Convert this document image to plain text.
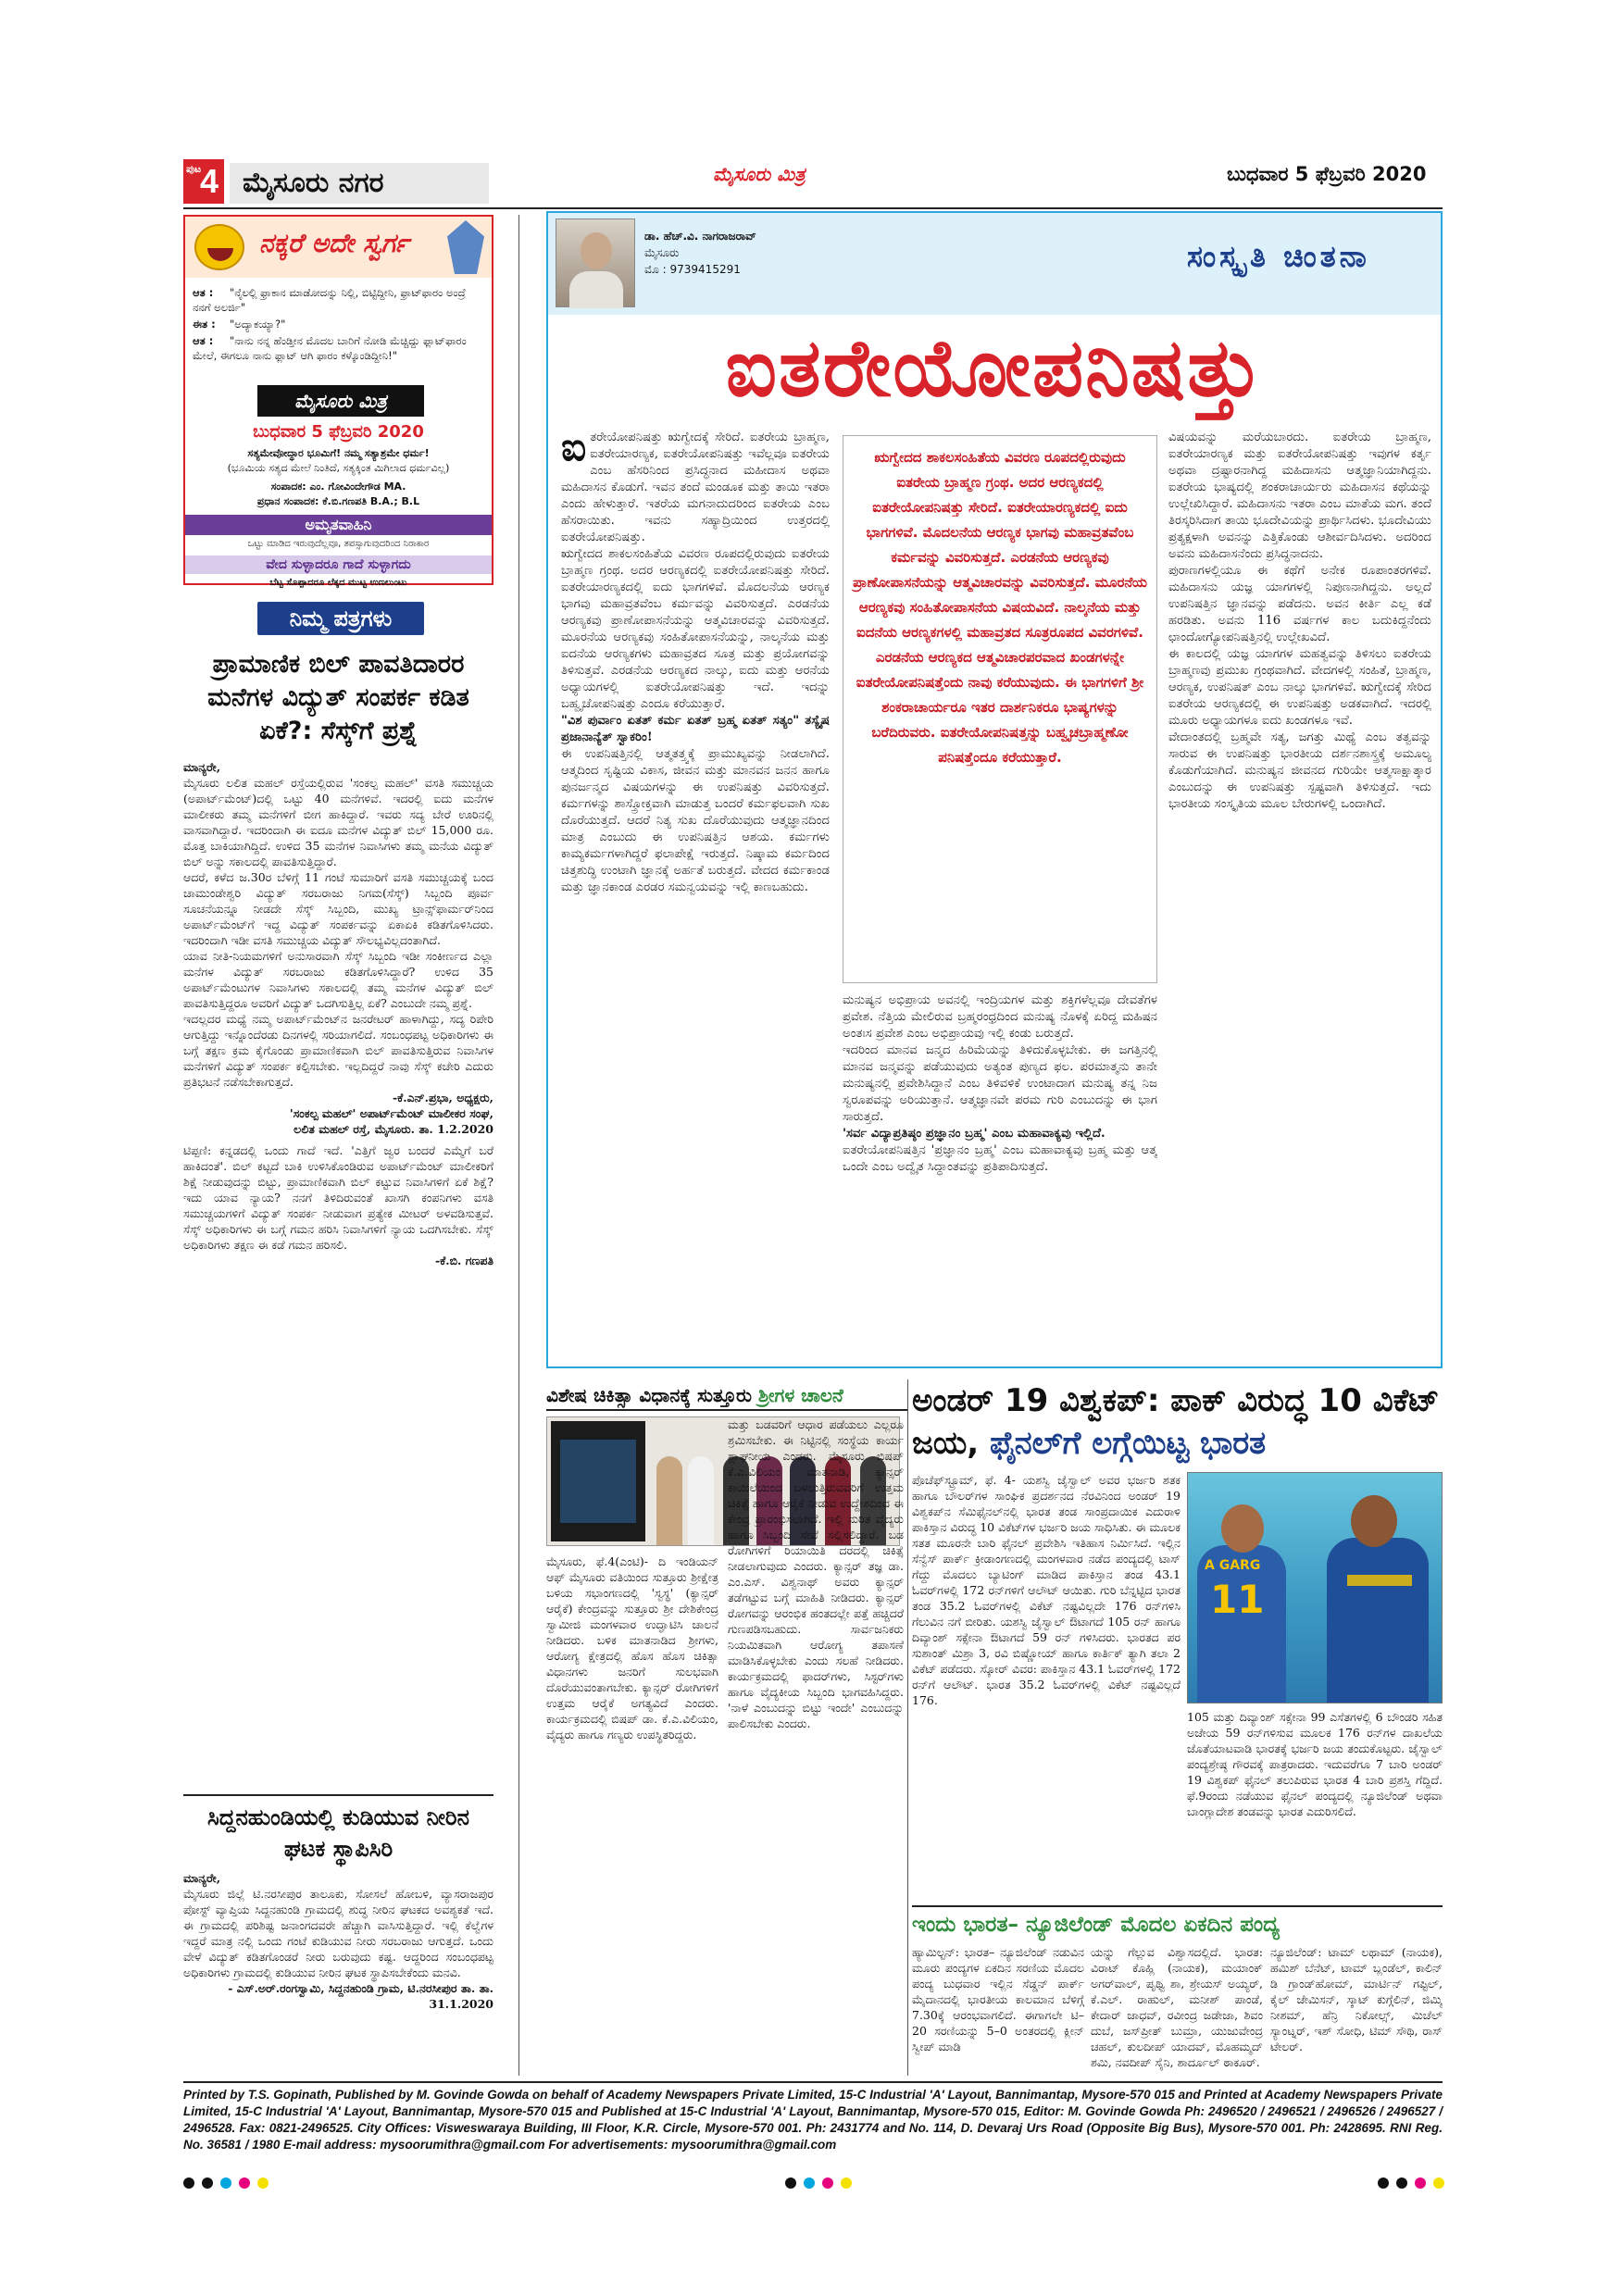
ಪುಟ
4 ಮೈಸೂರು ನಗರ	ಮೈಸೂರು ಮಿತ್ರ	ಬುಧವಾರ 5 ಫೆಬ್ರವರಿ 2020
ನಕ್ಕರೆ ಅದೇ ಸ್ವರ್ಗ
ಆತ : "ನೈಲಲ್ಲಿ ಫ್ರಾಕಾನ ಮಾಡೋದನ್ನು ನಿಲ್ಲಿ, ಬಿಟ್ಟಿದ್ದೀನಿ, ಫ್ರಾಟ್‌ಫಾರಂ ಅಂದ್ರೆ ನನಗೆ ಅಲರ್ಜಿ"
ಈತ : "ಅದ್ಯಾಕಯ್ಯಾ?"
ಆತ : "ನಾನು ನನ್ನ ಹೆಂಡ್ತೀನ ಮೊದಲ ಬಾರಿಗೆ ನೋಡಿ ಮೆಚ್ಚಿದ್ದು ಫ್ಲಾಟ್‌ಫಾರಂ ಮೇಲೆ, ಈಗಲೂ ನಾನು ಫ್ಲಾಟ್ ಆಗಿ ಫಾರಂ ಕಳ್ಕೊಂಡಿದ್ದೀನಿ!"
ಮೈಸೂರು ಮಿತ್ರ
ಬುಧವಾರ 5 ಫೆಬ್ರವರಿ 2020
ಸತ್ಯಮೇವೋದ್ಧಾರ ಭೂಮಿಗೆ! ನಮ್ಮ ಸತ್ಯಾಶ್ರಮೇ ಧರ್ಮ!
(ಭೂಮಿಯ ಸತ್ಯದ ಮೇಲೆ ನಿಂತಿದೆ, ಸತ್ಯಕ್ಕಿಂತ ಮಿಗಿಲಾದ ಧರ್ಮವಿಲ್ಲ)
ಸಂಪಾದಕ: ಎಂ. ಗೋವಿಂದೇಗೌಡ MA.
ಪ್ರಧಾನ ಸಂಪಾದಕ: ಕೆ.ಬಿ.ಗಣಪತಿ B.A.; B.L
ಅಮೃತವಾಹಿನಿ
ಒಟ್ಟು ಮಾಡಿದ ಇರುವುದೆಲ್ಲವೂ, ತಪಸ್ಸಾಗುವುದರಿಂದ ನಿರಾಕಾರ
ವೇದ ಸುಳ್ಳಾದರೂ ಗಾದೆ ಸುಳ್ಳಾಗದು
ಬೆಟ್ಟ ಸೊಪ್ಪಾದರೂ ಲೆಕ್ಕದ ಮುಟ್ಟ ಉಣಲುಂಟು
ನಿಮ್ಮ ಪತ್ರಗಳು
ಪ್ರಾಮಾಣಿಕ ಬಿಲ್ ಪಾವತಿದಾರರ ಮನೆಗಳ ವಿದ್ಯುತ್ ಸಂಪರ್ಕ ಕಡಿತ ಏಕೆ?: ಸೆಸ್ಕ್‌ಗೆ ಪ್ರಶ್ನೆ

ಮಾನ್ಯರೇ,

ಮೈಸೂರು ಲಲಿತ ಮಹಲ್ ರಸ್ತೆಯಲ್ಲಿರುವ 'ಸಂಕಲ್ಪ ಮಹಲ್' ವಸತಿ ಸಮುಚ್ಚಯ (ಅಪಾರ್ಟ್‌ಮೆಂಟ್)ದಲ್ಲಿ ಒಟ್ಟು 40 ಮನೆಗಳಿವೆ. ಇದರಲ್ಲಿ ಐದು ಮನೆಗಳ ಮಾಲೀಕರು ತಮ್ಮ ಮನೆಗಳಿಗೆ ಬೀಗ ಹಾಕಿದ್ದಾರೆ. ಇವರು ಸದ್ಯ ಬೇರೆ ಊರಿನಲ್ಲಿ ವಾಸವಾಗಿದ್ದಾರೆ. ಇದರಿಂದಾಗಿ ಈ ಐದೂ ಮನೆಗಳ ವಿದ್ಯುತ್ ಬಿಲ್ 15,000 ರೂ. ಮೊತ್ತ ಬಾಕಿಯಾಗಿದ್ದಿದೆ. ಉಳಿದ 35 ಮನೆಗಳ ನಿವಾಸಿಗಳು ತಮ್ಮ ಮನೆಯ ವಿದ್ಯುತ್ ಬಿಲ್ ಅನ್ನು ಸಕಾಲದಲ್ಲಿ ಪಾವತಿಸುತ್ತಿದ್ದಾರೆ.

ಆದರೆ, ಕಳೆದ ಜ.30ರ ಬೆಳಿಗ್ಗೆ 11 ಗಂಟೆ ಸುಮಾರಿಗೆ ವಸತಿ ಸಮುಚ್ಚಯಕ್ಕೆ ಬಂದ ಚಾಮುಂಡೇಶ್ವರಿ ವಿದ್ಯುತ್ ಸರಬರಾಜು ನಿಗಮ(ಸೆಸ್ಕ್) ಸಿಬ್ಬಂದಿ ಪೂರ್ವ ಸೂಚನೆಯನ್ನೂ ನೀಡದೇ ಸೆಸ್ಕ್ ಸಿಬ್ಬಂದಿ, ಮುಖ್ಯ ಟ್ರಾನ್ಸ್‌ಫಾರ್ಮರ್‌ನಿಂದ ಅಪಾರ್ಟ್‌ಮೆಂಟ್‌ಗೆ ಇದ್ದ ವಿದ್ಯುತ್ ಸಂಪರ್ಕವನ್ನು ಏಕಾಏಕಿ ಕಡಿತಗೊಳಿಸಿದರು. ಇದರಿಂದಾಗಿ ಇಡೀ ವಸತಿ ಸಮುಚ್ಚಯ ವಿದ್ಯುತ್ ಸೌಲಭ್ಯವಿಲ್ಲದಂತಾಗಿದೆ.

ಯಾವ ನೀತಿ-ನಿಯಮಗಳಿಗೆ ಅನುಸಾರವಾಗಿ ಸೆಸ್ಕ್ ಸಿಬ್ಬಂದಿ ಇಡೀ ಸಂಕೀರ್ಣದ ಎಲ್ಲಾ ಮನೆಗಳ ವಿದ್ಯುತ್ ಸರಬರಾಜು ಕಡಿತಗೊಳಿಸಿದ್ದಾರೆ? ಉಳಿದ 35 ಅಪಾರ್ಟ್‌ಮೆಂಟುಗಳ ನಿವಾಸಿಗಳು ಸಕಾಲದಲ್ಲಿ ತಮ್ಮ ಮನೆಗಳ ವಿದ್ಯುತ್ ಬಿಲ್ ಪಾವತಿಸುತ್ತಿದ್ದರೂ ಅವರಿಗೆ ವಿದ್ಯುತ್ ಒದಗಿಸುತ್ತಿಲ್ಲ ಏಕೆ? ಎಂಬುದೇ ನಮ್ಮ ಪ್ರಶ್ನೆ.

ಇದಲ್ಲದರ ಮಧ್ಯೆ ನಮ್ಮ ಅಪಾರ್ಟ್‌ಮೆಂಟ್‌ನ ಜನರೇಟರ್ ಹಾಳಾಗಿದ್ದು, ಸದ್ಯ ರಿಪೇರಿ ಆಗುತ್ತಿದ್ದು ಇನ್ನೊಂದೆರಡು ದಿನಗಳಲ್ಲಿ ಸರಿಯಾಗಲಿದೆ. ಸಂಬಂಧಪಟ್ಟ ಅಧಿಕಾರಿಗಳು ಈ ಬಗ್ಗೆ ತಕ್ಷಣ ಕ್ರಮ ಕೈಗೊಂಡು ಪ್ರಾಮಾಣಿಕವಾಗಿ ಬಿಲ್ ಪಾವತಿಸುತ್ತಿರುವ ನಿವಾಸಿಗಳ ಮನೆಗಳಿಗೆ ವಿದ್ಯುತ್ ಸಂಪರ್ಕ ಕಲ್ಪಿಸಬೇಕು. ಇಲ್ಲದಿದ್ದರೆ ನಾವು ಸೆಸ್ಕ್ ಕಚೇರಿ ಎದುರು ಪ್ರತಿಭಟನೆ ನಡೆಸಬೇಕಾಗುತ್ತದೆ.

-ಕೆ.ಎನ್.ಪ್ರಭಾ, ಅಧ್ಯಕ್ಷರು,
'ಸಂಕಲ್ಪ ಮಹಲ್' ಅಪಾರ್ಟ್‌ಮೆಂಟ್ ಮಾಲೀಕರ ಸಂಘ,
ಲಲಿತ ಮಹಲ್ ರಸ್ತೆ, ಮೈಸೂರು. ತಾ. 1.2.2020

ಟಿಪ್ಪಣಿ: ಕನ್ನಡದಲ್ಲಿ ಒಂದು ಗಾದೆ ಇದೆ. 'ಎತ್ತಿಗೆ ಜ್ವರ ಬಂದರೆ ಎಮ್ಮೆಗೆ ಬರೆ ಹಾಕಿದಂತೆ'. ಬಿಲ್ ಕಟ್ಟದೆ ಬಾಕಿ ಉಳಿಸಿಕೊಂಡಿರುವ ಅಪಾರ್ಟ್‌ಮೆಂಟ್ ಮಾಲೀಕರಿಗೆ ಶಿಕ್ಷೆ ನೀಡುವುದನ್ನು ಬಿಟ್ಟು, ಪ್ರಾಮಾಣಿಕವಾಗಿ ಬಿಲ್ ಕಟ್ಟುವ ನಿವಾಸಿಗಳಿಗೆ ಏಕೆ ಶಿಕ್ಷೆ? ಇದು ಯಾವ ನ್ಯಾಯ? ನನಗೆ ತಿಳಿದಿರುವಂತೆ ಖಾಸಗಿ ಕಂಪನಿಗಳು ವಸತಿ ಸಮುಚ್ಚಯಗಳಿಗೆ ವಿದ್ಯುತ್ ಸಂಪರ್ಕ ನೀಡುವಾಗ ಪ್ರತ್ಯೇಕ ಮೀಟರ್ ಅಳವಡಿಸುತ್ತವೆ. ಸೆಸ್ಕ್ ಅಧಿಕಾರಿಗಳು ಈ ಬಗ್ಗೆ ಗಮನ ಹರಿಸಿ ನಿವಾಸಿಗಳಿಗೆ ನ್ಯಾಯ ಒದಗಿಸಬೇಕು. ಸೆಸ್ಕ್ ಅಧಿಕಾರಿಗಳು ತಕ್ಷಣ ಈ ಕಡೆ ಗಮನ ಹರಿಸಲಿ.

-ಕೆ.ಬಿ. ಗಣಪತಿ
ಸಿದ್ದನಹುಂಡಿಯಲ್ಲಿ ಕುಡಿಯುವ ನೀರಿನ ಘಟಕ ಸ್ಥಾಪಿಸಿರಿ

ಮಾನ್ಯರೇ,

ಮೈಸೂರು ಜಿಲ್ಲೆ ಟಿ.ನರಸೀಪುರ ತಾಲೂಕು, ಸೋಸಲೆ ಹೋಬಳಿ, ವ್ಯಾಸರಾಜಪುರ ಪೋಸ್ಟ್ ವ್ಯಾಪ್ತಿಯ ಸಿದ್ದನಹುಂಡಿ ಗ್ರಾಮದಲ್ಲಿ ಶುದ್ಧ ನೀರಿನ ಘಟಕದ ಅವಶ್ಯಕತೆ ಇದೆ. ಈ ಗ್ರಾಮದಲ್ಲಿ ಪರಿಶಿಷ್ಟ ಜನಾಂಗದವರೇ ಹೆಚ್ಚಾಗಿ ವಾಸಿಸುತ್ತಿದ್ದಾರೆ. ಇಲ್ಲಿ ಕೆಲ್ವೆಗಳ ಇದ್ದರೆ ಮಾತ್ರ ನಲ್ಲಿ ಒಂದು ಗಂಟೆ ಕುಡಿಯುವ ನೀರು ಸರಬರಾಜು ಆಗುತ್ತದೆ. ಒಂದು ವೇಳೆ ವಿದ್ಯುತ್ ಕಡಿತಗೊಂಡರೆ ನೀರು ಬರುವುದು ಕಷ್ಟ. ಆದ್ದರಿಂದ ಸಂಬಂಧಪಟ್ಟ ಅಧಿಕಾರಿಗಳು ಗ್ರಾಮದಲ್ಲಿ ಕುಡಿಯುವ ನೀರಿನ ಘಟಕ ಸ್ಥಾಪಿಸಬೇಕೆಂದು ಮನವಿ.

- ಎಸ್.ಅರ್.ರಂಗಸ್ವಾಮಿ, ಸಿದ್ದನಹುಂಡಿ ಗ್ರಾಮ, ಟಿ.ನರಸೀಪುರ ತಾ. ತಾ. 31.1.2020
ಡಾ. ಹೆಚ್.ವಿ. ನಾಗರಾಜರಾವ್
ಮೈಸೂರು
ಮೊ : 9739415291	ಸಂಸ್ಕೃತಿ ಚಿಂತನಾ
ಐತರೇಯೋಪನಿಷತ್ತು

ಐತರೇಯೋಪನಿಷತ್ತು ಋಗ್ವೇದಕ್ಕೆ ಸೇರಿದೆ. ಐತರೇಯ ಬ್ರಾಹ್ಮಣ, ಐತರೇಯಾರಣ್ಯಕ, ಐತರೇಯೋಪನಿಷತ್ತು ಇವೆಲ್ಲವೂ ಐತರೇಯ ಎಂಬ ಹೆಸರಿನಿಂದ ಪ್ರಸಿದ್ಧನಾದ ಮಹೀದಾಸ ಅಥವಾ ಮಹಿದಾಸನ ಕೊಡುಗೆ. ಇವನ ತಂದೆ ಮಂಡೂಕ ಮತ್ತು ತಾಯಿ ಇತರಾ ಎಂದು ಹೇಳುತ್ತಾರೆ. ಇತರೆಯ ಮಗನಾದುದರಿಂದ ಐತರೇಯ ಎಂಬ ಹೆಸರಾಯಿತು. ಇವನು ಸಹ್ಯಾದ್ರಿಯಿಂದ ಉತ್ತರದಲ್ಲಿ ಐತರೇಯೋಪನಿಷತ್ತು.

ಋಗ್ವೇದದ ಶಾಕಲಸಂಹಿತೆಯ ವಿವರಣ ರೂಪದಲ್ಲಿರುವುದು ಐತರೇಯ ಬ್ರಾಹ್ಮಣ ಗ್ರಂಥ. ಅದರ ಆರಣ್ಯಕದಲ್ಲಿ ಐತರೇಯೋಪನಿಷತ್ತು ಸೇರಿದೆ. ಐತರೇಯಾರಣ್ಯಕದಲ್ಲಿ ಐದು ಭಾಗಗಳಿವೆ. ಮೊದಲನೆಯ ಆರಣ್ಯಕ ಭಾಗವು ಮಹಾವ್ರತವೆಂಬ ಕರ್ಮವನ್ನು ವಿವರಿಸುತ್ತದೆ. ಎರಡನೆಯ ಆರಣ್ಯಕವು ಪ್ರಾಣೋಪಾಸನೆಯನ್ನು ಆತ್ಮವಿಚಾರವನ್ನು ವಿವರಿಸುತ್ತದೆ. ಮೂರನೆಯ ಆರಣ್ಯಕವು ಸಂಹಿತೋಪಾಸನೆಯನ್ನು, ನಾಲ್ಕನೆಯ ಮತ್ತು ಐದನೆಯ ಆರಣ್ಯಕಗಳು ಮಹಾವ್ರತದ ಸೂತ್ರ ಮತ್ತು ಪ್ರಯೋಗವನ್ನು ತಿಳಿಸುತ್ತವೆ. ಎರಡನೆಯ ಆರಣ್ಯಕದ ನಾಲ್ಕು, ಐದು ಮತ್ತು ಆರನೆಯ ಅಧ್ಯಾಯಗಳಲ್ಲಿ ಐತರೇಯೋಪನಿಷತ್ತು ಇದೆ. ಇದನ್ನು ಬಹ್ವೃಚೋಪನಿಷತ್ತು ಎಂದೂ ಕರೆಯುತ್ತಾರೆ.

"ವಿಶ ಪುರ್ವಾಂ ಏತತ್ ಕರ್ಮ ಏತತ್ ಬ್ರಹ್ಮ ಏತತ್ ಸತ್ಯಂ" ತಸ್ಯೈಷ ಪ್ರಜಾನಾನ್ಯೆತ್ ಸ್ವಾಕರಿಂ!

ಈ ಉಪನಿಷತ್ತಿನಲ್ಲಿ ಆತ್ಮತತ್ತ್ವಕ್ಕೆ ಪ್ರಾಮುಖ್ಯವನ್ನು ನೀಡಲಾಗಿದೆ. ಆತ್ಮದಿಂದ ಸೃಷ್ಟಿಯ ವಿಕಾಸ, ಜೀವನ ಮತ್ತು ಮಾನವನ ಜನನ ಹಾಗೂ ಪುನರ್ಜನ್ಮದ ವಿಷಯಗಳನ್ನು ಈ ಉಪನಿಷತ್ತು ವಿವರಿಸುತ್ತದೆ. ಕರ್ಮಗಳನ್ನು ಶಾಸ್ತ್ರೋಕ್ತವಾಗಿ ಮಾಡುತ್ತ ಬಂದರೆ ಕರ್ಮಫಲವಾಗಿ ಸುಖ ದೊರೆಯುತ್ತದೆ. ಆದರೆ ನಿತ್ಯ ಸುಖ ದೊರೆಯುವುದು ಆತ್ಮಜ್ಞಾನದಿಂದ ಮಾತ್ರ ಎಂಬುದು ಈ ಉಪನಿಷತ್ತಿನ ಆಶಯ. ಕರ್ಮಗಳು ಕಾಮ್ಯಕರ್ಮಗಳಾಗಿದ್ದರೆ ಫಲಾಪೇಕ್ಷೆ ಇರುತ್ತದೆ. ನಿಷ್ಕಾಮ ಕರ್ಮದಿಂದ ಚಿತ್ತಶುದ್ಧಿ ಉಂಟಾಗಿ ಜ್ಞಾನಕ್ಕೆ ಅರ್ಹತೆ ಬರುತ್ತದೆ. ವೇದದ ಕರ್ಮಕಾಂಡ ಮತ್ತು ಜ್ಞಾನಕಾಂಡ ಎರಡರ ಸಮನ್ವಯವನ್ನು ಇಲ್ಲಿ ಕಾಣಬಹುದು.

ಋಗ್ವೇದದ ಶಾಕಲಸಂಹಿತೆಯ ವಿವರಣ ರೂಪದಲ್ಲಿರುವುದು ಐತರೇಯ ಬ್ರಾಹ್ಮಣ ಗ್ರಂಥ. ಅದರ ಆರಣ್ಯಕದಲ್ಲಿ ಐತರೇಯೋಪನಿಷತ್ತು ಸೇರಿದೆ. ಐತರೇಯಾರಣ್ಯಕದಲ್ಲಿ ಐದು ಭಾಗಗಳಿವೆ. ಮೊದಲನೆಯ ಆರಣ್ಯಕ ಭಾಗವು ಮಹಾವ್ರತವೆಂಬ ಕರ್ಮವನ್ನು ವಿವರಿಸುತ್ತದೆ. ಎರಡನೆಯ ಆರಣ್ಯಕವು ಪ್ರಾಣೋಪಾಸನೆಯನ್ನು ಆತ್ಮವಿಚಾರವನ್ನು ವಿವರಿಸುತ್ತದೆ. ಮೂರನೆಯ ಆರಣ್ಯಕವು ಸಂಹಿತೋಪಾಸನೆಯ ವಿಷಯವಿದೆ. ನಾಲ್ಕನೆಯ ಮತ್ತು ಐದನೆಯ ಆರಣ್ಯಕಗಳಲ್ಲಿ ಮಹಾವ್ರತದ ಸೂತ್ರರೂಪದ ವಿವರಗಳಿವೆ. ಎರಡನೆಯ ಆರಣ್ಯಕದ ಆತ್ಮವಿಚಾರಪರವಾದ ಖಂಡಗಳನ್ನೇ ಐತರೇಯೋಪನಿಷತ್ತೆಂದು ನಾವು ಕರೆಯುವುದು. ಈ ಭಾಗಗಳಿಗೆ ಶ್ರೀ ಶಂಕರಾಚಾರ್ಯರೂ ಇತರ ದಾರ್ಶನಿಕರೂ ಭಾಷ್ಯಗಳನ್ನು ಬರೆದಿರುವರು. ಐತರೇಯೋಪನಿಷತ್ತನ್ನು ಬಹ್ವೃಚಬ್ರಾಹ್ಮಣೋ ಪನಿಷತ್ತೆಂದೂ ಕರೆಯುತ್ತಾರೆ.

ಮನುಷ್ಯನ ಅಭಿಪ್ರಾಯ ಅವನಲ್ಲಿ ಇಂದ್ರಿಯಗಳ ಮತ್ತು ಶಕ್ತಿಗಳೆಲ್ಲವೂ ದೇವತೆಗಳ ಪ್ರವೇಶ. ನೆತ್ತಿಯ ಮೇಲಿರುವ ಬ್ರಹ್ಮರಂಧ್ರದಿಂದ ಮನುಷ್ಯ ನೊಳಕ್ಕೆ ಏರಿದ್ದ ಮಹಿಷನ ಅಂತಃಸ ಪ್ರವೇಶ ಎಂಬ ಅಭಿಪ್ರಾಯವು ಇಲ್ಲಿ ಕಂಡು ಬರುತ್ತದೆ.

ಇದರಿಂದ ಮಾನವ ಜನ್ಮದ ಹಿರಿಮೆಯನ್ನು ತಿಳಿದುಕೊಳ್ಳಬೇಕು. ಈ ಜಗತ್ತಿನಲ್ಲಿ ಮಾನವ ಜನ್ಮವನ್ನು ಪಡೆಯುವುದು ಅತ್ಯಂತ ಪುಣ್ಯದ ಫಲ. ಪರಮಾತ್ಮನು ತಾನೇ ಮನುಷ್ಯನಲ್ಲಿ ಪ್ರವೇಶಿಸಿದ್ದಾನೆ ಎಂಬ ತಿಳಿವಳಿಕೆ ಉಂಟಾದಾಗ ಮನುಷ್ಯ ತನ್ನ ನಿಜ ಸ್ವರೂಪವನ್ನು ಅರಿಯುತ್ತಾನೆ. ಆತ್ಮಜ್ಞಾನವೇ ಪರಮ ಗುರಿ ಎಂಬುದನ್ನು ಈ ಭಾಗ ಸಾರುತ್ತದೆ.

'ಸರ್ವ ವಿದ್ಯಾಪ್ರತಿಷ್ಠಂ ಪ್ರಜ್ಞಾನಂ ಬ್ರಹ್ಮ' ಎಂಬ ಮಹಾವಾಕ್ಯವು ಇಲ್ಲಿದೆ.

ಐತರೇಯೋಪನಿಷತ್ತಿನ 'ಪ್ರಜ್ಞಾನಂ ಬ್ರಹ್ಮ' ಎಂಬ ಮಹಾವಾಕ್ಯವು ಬ್ರಹ್ಮ ಮತ್ತು ಆತ್ಮ ಒಂದೇ ಎಂಬ ಅದ್ವೈತ ಸಿದ್ಧಾಂತವನ್ನು ಪ್ರತಿಪಾದಿಸುತ್ತದೆ.

ವಿಷಯವನ್ನು ಮರೆಯಬಾರದು. ಐತರೇಯ ಬ್ರಾಹ್ಮಣ, ಐತರೇಯಾರಣ್ಯಕ ಮತ್ತು ಐತರೇಯೋಪನಿಷತ್ತು ಇವುಗಳ ಕರ್ತೃ ಅಥವಾ ದ್ರಷ್ಟಾರನಾಗಿದ್ದ ಮಹಿದಾಸನು ಆತ್ಮಜ್ಞಾನಿಯಾಗಿದ್ದನು. ಐತರೇಯ ಭಾಷ್ಯದಲ್ಲಿ ಶಂಕರಾಚಾರ್ಯರು ಮಹಿದಾಸನ ಕಥೆಯನ್ನು ಉಲ್ಲೇಖಿಸಿದ್ದಾರೆ. ಮಹಿದಾಸನು ಇತರಾ ಎಂಬ ಮಾತೆಯ ಮಗ. ತಂದೆ ತಿರಸ್ಕರಿಸಿದಾಗ ತಾಯಿ ಭೂದೇವಿಯನ್ನು ಪ್ರಾರ್ಥಿಸಿದಳು. ಭೂದೇವಿಯು ಪ್ರತ್ಯಕ್ಷಳಾಗಿ ಅವನನ್ನು ಎತ್ತಿಕೊಂಡು ಆಶೀರ್ವದಿಸಿದಳು. ಅದರಿಂದ ಅವನು ಮಹಿದಾಸನೆಂದು ಪ್ರಸಿದ್ಧನಾದನು.

ಪುರಾಣಗಳಲ್ಲಿಯೂ ಈ ಕಥೆಗೆ ಅನೇಕ ರೂಪಾಂತರಗಳಿವೆ. ಮಹಿದಾಸನು ಯಜ್ಞ ಯಾಗಗಳಲ್ಲಿ ನಿಪುಣನಾಗಿದ್ದನು. ಅಲ್ಲದೆ ಉಪನಿಷತ್ತಿನ ಜ್ಞಾನವನ್ನು ಪಡೆದನು. ಅವನ ಕೀರ್ತಿ ಎಲ್ಲ ಕಡೆ ಹರಡಿತು. ಅವನು 116 ವರ್ಷಗಳ ಕಾಲ ಬದುಕಿದ್ದನೆಂದು ಛಾಂದೋಗ್ಯೋಪನಿಷತ್ತಿನಲ್ಲಿ ಉಲ್ಲೇಖವಿದೆ.

ಈ ಕಾಲದಲ್ಲಿ ಯಜ್ಞ ಯಾಗಗಳ ಮಹತ್ವವನ್ನು ತಿಳಿಸಲು ಐತರೇಯ ಬ್ರಾಹ್ಮಣವು ಪ್ರಮುಖ ಗ್ರಂಥವಾಗಿದೆ. ವೇದಗಳಲ್ಲಿ ಸಂಹಿತೆ, ಬ್ರಾಹ್ಮಣ, ಆರಣ್ಯಕ, ಉಪನಿಷತ್ ಎಂಬ ನಾಲ್ಕು ಭಾಗಗಳಿವೆ. ಋಗ್ವೇದಕ್ಕೆ ಸೇರಿದ ಐತರೇಯ ಆರಣ್ಯಕದಲ್ಲಿ ಈ ಉಪನಿಷತ್ತು ಅಡಕವಾಗಿದೆ. ಇದರಲ್ಲಿ ಮೂರು ಅಧ್ಯಾಯಗಳೂ ಐದು ಖಂಡಗಳೂ ಇವೆ.

ವೇದಾಂತದಲ್ಲಿ ಬ್ರಹ್ಮವೇ ಸತ್ಯ, ಜಗತ್ತು ಮಿಥ್ಯೆ ಎಂಬ ತತ್ವವನ್ನು ಸಾರುವ ಈ ಉಪನಿಷತ್ತು ಭಾರತೀಯ ದರ್ಶನಶಾಸ್ತ್ರಕ್ಕೆ ಅಮೂಲ್ಯ ಕೊಡುಗೆಯಾಗಿದೆ. ಮನುಷ್ಯನ ಜೀವನದ ಗುರಿಯೇ ಆತ್ಮಸಾಕ್ಷಾತ್ಕಾರ ಎಂಬುದನ್ನು ಈ ಉಪನಿಷತ್ತು ಸ್ಪಷ್ಟವಾಗಿ ತಿಳಿಸುತ್ತದೆ. ಇದು ಭಾರತೀಯ ಸಂಸ್ಕೃತಿಯ ಮೂಲ ಬೇರುಗಳಲ್ಲಿ ಒಂದಾಗಿದೆ.

ವಿಶೇಷ ಚಿಕಿತ್ಸಾ ವಿಧಾನಕ್ಕೆ ಸುತ್ತೂರು ಶ್ರೀಗಳ ಚಾಲನೆ
ಮೈಸೂರು, ಫೆ.4(ಎಂಟಿ)- ದಿ ಇಂಡಿಯನ್ ಆಫ್ ಮೈಸೂರು ವತಿಯಿಂದ ಸುತ್ತೂರು ಶ್ರೀಕ್ಷೇತ್ರ ಬಳಿಯ ಸಭಾಂಗಣದಲ್ಲಿ 'ಸ್ವಸ್ಥ' (ಕ್ಯಾನ್ಸರ್ ಆರೈಕೆ) ಕೇಂದ್ರವನ್ನು ಸುತ್ತೂರು ಶ್ರೀ ದೇಶಿಕೇಂದ್ರ ಸ್ವಾಮೀಜಿ ಮಂಗಳವಾರ ಉದ್ಘಾಟಿಸಿ ಚಾಲನೆ ನೀಡಿದರು. ಬಳಿಕ ಮಾತನಾಡಿದ ಶ್ರೀಗಳು, ಆರೋಗ್ಯ ಕ್ಷೇತ್ರದಲ್ಲಿ ಹೊಸ ಹೊಸ ಚಿಕಿತ್ಸಾ ವಿಧಾನಗಳು ಜನರಿಗೆ ಸುಲಭವಾಗಿ ದೊರೆಯುವಂತಾಗಬೇಕು. ಕ್ಯಾನ್ಸರ್ ರೋಗಿಗಳಿಗೆ ಉತ್ತಮ ಆರೈಕೆ ಅಗತ್ಯವಿದೆ ಎಂದರು. ಕಾರ್ಯಕ್ರಮದಲ್ಲಿ ಬಿಷಪ್ ಡಾ. ಕೆ.ಎ.ವಿಲಿಯಂ, ವೈದ್ಯರು ಹಾಗೂ ಗಣ್ಯರು ಉಪಸ್ಥಿತರಿದ್ದರು.
ಮತ್ತು ಬಡವರಿಗೆ ಆಧಾರ ಪಡೆಯಲು ಎಲ್ಲರೂ ಶ್ರಮಿಸಬೇಕು. ಈ ನಿಟ್ಟಿನಲ್ಲಿ ಸಂಸ್ಥೆಯ ಕಾರ್ಯ ಶ್ಲಾಘನೀಯ ಎಂದರು. ಮೈಸೂರು ಬಿಷಪ್ ಕೆ.ಎ.ವಿಲಿಯಂ ಮಾತನಾಡಿ, ಕ್ಯಾನ್ಸರ್ ಕಾಯಿಲೆಯಿಂದ ಬಳಲುತ್ತಿರುವವರಿಗೆ ಉತ್ತಮ ಚಿಕಿತ್ಸೆ ಹಾಗೂ ಆರೈಕೆ ನೀಡುವ ಉದ್ದೇಶದಿಂದ ಈ ಕೇಂದ್ರ ಪ್ರಾರಂಭಿಸಲಾಗಿದೆ. ಇಲ್ಲಿ ನುರಿತ ವೈದ್ಯರು ಹಾಗೂ ಸಿಬ್ಬಂದಿ ಸೇವೆ ಸಲ್ಲಿಸಲಿದ್ದಾರೆ. ಬಡ ರೋಗಿಗಳಿಗೆ ರಿಯಾಯಿತಿ ದರದಲ್ಲಿ ಚಿಕಿತ್ಸೆ ನೀಡಲಾಗುವುದು ಎಂದರು. ಕ್ಯಾನ್ಸರ್ ತಜ್ಞ ಡಾ. ಎಂ.ಎಸ್. ವಿಶ್ವನಾಥ್ ಅವರು ಕ್ಯಾನ್ಸರ್ ತಡೆಗಟ್ಟುವ ಬಗ್ಗೆ ಮಾಹಿತಿ ನೀಡಿದರು. ಕ್ಯಾನ್ಸರ್ ರೋಗವನ್ನು ಆರಂಭಿಕ ಹಂತದಲ್ಲೇ ಪತ್ತೆ ಹಚ್ಚಿದರೆ ಗುಣಪಡಿಸಬಹುದು. ಸಾರ್ವಜನಿಕರು ನಿಯಮಿತವಾಗಿ ಆರೋಗ್ಯ ತಪಾಸಣೆ ಮಾಡಿಸಿಕೊಳ್ಳಬೇಕು ಎಂದು ಸಲಹೆ ನೀಡಿದರು. ಕಾರ್ಯಕ್ರಮದಲ್ಲಿ ಫಾದರ್‌ಗಳು, ಸಿಸ್ಟರ್‌ಗಳು ಹಾಗೂ ವೈದ್ಯಕೀಯ ಸಿಬ್ಬಂದಿ ಭಾಗವಹಿಸಿದ್ದರು. 'ನಾಳೆ ಎಂಬುದನ್ನು ಬಿಟ್ಟು ಇಂದೇ' ಎಂಬುದನ್ನು ಪಾಲಿಸಬೇಕು ಎಂದರು.
ಅಂಡರ್ 19 ವಿಶ್ವಕಪ್: ಪಾಕ್ ವಿರುದ್ಧ 10 ವಿಕೆಟ್ ಜಯ, ಫೈನಲ್‌ಗೆ ಲಗ್ಗೆಯಿಟ್ಟ ಭಾರತ
ಪೊಚೆಫ್‌ಸ್ಟ್ರೂಮ್, ಫೆ. 4- ಯಶಸ್ವಿ ಜೈಸ್ವಾಲ್ ಅವರ ಭರ್ಜರಿ ಶತಕ ಹಾಗೂ ಬೌಲರ್‌ಗಳ ಸಾಂಘಿಕ ಪ್ರದರ್ಶನದ ನೆರವಿನಿಂದ ಅಂಡರ್ 19 ವಿಶ್ವಕಪ್‌ನ ಸೆಮಿಫೈನಲ್‌ನಲ್ಲಿ ಭಾರತ ತಂಡ ಸಾಂಪ್ರದಾಯಿಕ ಎದುರಾಳಿ ಪಾಕಿಸ್ತಾನ ವಿರುದ್ಧ 10 ವಿಕೆಟ್‌ಗಳ ಭರ್ಜರಿ ಜಯ ಸಾಧಿಸಿತು. ಈ ಮೂಲಕ ಸತತ ಮೂರನೇ ಬಾರಿ ಫೈನಲ್ ಪ್ರವೇಶಿಸಿ ಇತಿಹಾಸ ನಿರ್ಮಿಸಿದೆ. ಇಲ್ಲಿನ ಸೆನ್ವೆಸ್ ಪಾರ್ಕ್ ಕ್ರೀಡಾಂಗಣದಲ್ಲಿ ಮಂಗಳವಾರ ನಡೆದ ಪಂದ್ಯದಲ್ಲಿ ಟಾಸ್ ಗೆದ್ದು ಮೊದಲು ಬ್ಯಾಟಿಂಗ್ ಮಾಡಿದ ಪಾಕಿಸ್ತಾನ ತಂಡ 43.1 ಓವರ್‌ಗಳಲ್ಲಿ 172 ರನ್‌ಗಳಿಗೆ ಆಲೌಟ್ ಆಯಿತು. ಗುರಿ ಬೆನ್ನಟ್ಟಿದ ಭಾರತ ತಂಡ 35.2 ಓವರ್‌ಗಳಲ್ಲಿ ವಿಕೆಟ್ ನಷ್ಟವಿಲ್ಲದೇ 176 ರನ್‌ಗಳಿಸಿ ಗೆಲುವಿನ ನಗೆ ಬೀರಿತು. ಯಶಸ್ವಿ ಜೈಸ್ವಾಲ್ ಔಟಾಗದೆ 105 ರನ್ ಹಾಗೂ ದಿವ್ಯಾಂಶ್ ಸಕ್ಸೇನಾ ಔಟಾಗದೆ 59 ರನ್ ಗಳಿಸಿದರು. ಭಾರತದ ಪರ ಸುಶಾಂತ್ ಮಿಶ್ರಾ 3, ರವಿ ಬಿಷ್ಣೋಯ್ ಹಾಗೂ ಕಾರ್ತಿಕ್ ತ್ಯಾಗಿ ತಲಾ 2 ವಿಕೆಟ್ ಪಡೆದರು. ಸ್ಕೋರ್ ವಿವರ: ಪಾಕಿಸ್ತಾನ 43.1 ಓವರ್‌ಗಳಲ್ಲಿ 172 ರನ್‌ಗೆ ಆಲೌಟ್. ಭಾರತ 35.2 ಓವರ್‌ಗಳಲ್ಲಿ ವಿಕೆಟ್ ನಷ್ಟವಿಲ್ಲದೆ 176.
A GARG
11
105 ಮತ್ತು ದಿವ್ಯಾಂಶ್ ಸಕ್ಸೇನಾ 99 ಎಸೆತಗಳಲ್ಲಿ 6 ಬೌಂಡರಿ ಸಹಿತ ಅಜೇಯ 59 ರನ್‌ಗಳಿಸುವ ಮೂಲಕ 176 ರನ್‌ಗಳ ದಾಖಲೆಯ ಜೊತೆಯಾಟವಾಡಿ ಭಾರತಕ್ಕೆ ಭರ್ಜರಿ ಜಯ ತಂದುಕೊಟ್ಟರು. ಜೈಸ್ವಾಲ್ ಪಂದ್ಯಶ್ರೇಷ್ಠ ಗೌರವಕ್ಕೆ ಪಾತ್ರರಾದರು. ಇದುವರೆಗೂ 7 ಬಾರಿ ಅಂಡರ್ 19 ವಿಶ್ವಕಪ್ ಫೈನಲ್ ತಲುಪಿರುವ ಭಾರತ 4 ಬಾರಿ ಪ್ರಶಸ್ತಿ ಗೆದ್ದಿದೆ. ಫೆ.9ರಂದು ನಡೆಯುವ ಫೈನಲ್ ಪಂದ್ಯದಲ್ಲಿ ನ್ಯೂಜಿಲೆಂಡ್ ಅಥವಾ ಬಾಂಗ್ಲಾದೇಶ ತಂಡವನ್ನು ಭಾರತ ಎದುರಿಸಲಿದೆ.
ಇಂದು ಭಾರತ– ನ್ಯೂಜಿಲೆಂಡ್ ಮೊದಲ ಏಕದಿನ ಪಂದ್ಯ
ಹ್ಯಾಮಿಲ್ಟನ್: ಭಾರತ– ನ್ಯೂಜಿಲೆಂಡ್ ನಡುವಿನ ಮೂರು ಪಂದ್ಯಗಳ ಏಕದಿನ ಸರಣಿಯ ಮೊದಲ ಪಂದ್ಯ ಬುಧವಾರ ಇಲ್ಲಿನ ಸೆಡ್ಡನ್ ಪಾರ್ಕ್ ಮೈದಾನದಲ್ಲಿ ಭಾರತೀಯ ಕಾಲಮಾನ ಬೆಳಿಗ್ಗೆ 7.30ಕ್ಕೆ ಆರಂಭವಾಗಲಿದೆ. ಈಗಾಗಲೇ ಟಿ–20 ಸರಣಿಯನ್ನು 5–0 ಅಂತರದಲ್ಲಿ ಕ್ಲೀನ್ ಸ್ವೀಪ್ ಮಾಡಿ
ಯನ್ನು ಗೆಲ್ಲುವ ವಿಶ್ವಾಸದಲ್ಲಿದೆ. ಭಾರತ: ವಿರಾಟ್ ಕೊಹ್ಲಿ (ನಾಯಕ), ಮಯಾಂಕ್ ಅಗರ್‌ವಾಲ್, ಪೃಥ್ವಿ ಶಾ, ಶ್ರೇಯಸ್ ಅಯ್ಯರ್, ಕೆ.ಎಲ್. ರಾಹುಲ್, ಮನೀಶ್ ಪಾಂಡೆ, ಕೇದಾರ್ ಜಾಧವ್, ರವೀಂದ್ರ ಜಡೇಜಾ, ಶಿವಂ ದುಬೆ, ಜಸ್‌ಪ್ರೀತ್ ಬುಮ್ರಾ, ಯುಜುವೇಂದ್ರ ಚಹಲ್, ಕುಲದೀಪ್ ಯಾದವ್, ಮೊಹಮ್ಮದ್ ಶಮಿ, ನವದೀಪ್ ಸೈನಿ, ಶಾರ್ದೂಲ್ ಠಾಕೂರ್.
ನ್ಯೂಜಿಲೆಂಡ್: ಟಾಮ್ ಲಥಾಮ್ (ನಾಯಕ), ಹಮಿಶ್ ಬೆನೆಟ್, ಟಾಮ್ ಬ್ಲಂಡೆಲ್, ಕಾಲಿನ್ ಡಿ ಗ್ರಾಂಡ್‌ಹೋಮ್, ಮಾರ್ಟಿನ್ ಗಪ್ಟಿಲ್, ಕೈಲ್ ಜೇಮಿಸನ್, ಸ್ಕಾಟ್ ಕುಗ್ಗೆಲಿನ್, ಜಿಮ್ಮಿ ನೀಶಮ್, ಹೆನ್ರಿ ನಿಕೋಲ್ಸ್, ಮಿಚೆಲ್ ಸ್ಯಾಂಟ್ನರ್, ಇಶ್ ಸೋಧಿ, ಟಿಮ್ ಸೌಥಿ, ರಾಸ್ ಟೇಲರ್.
Printed by T.S. Gopinath, Published by M. Govinde Gowda on behalf of Academy Newspapers Private Limited, 15-C Industrial 'A' Layout, Bannimantap, Mysore-570 015 and Printed at Academy Newspapers Private Limited, 15-C Industrial 'A' Layout, Bannimantap, Mysore-570 015 and Published at 15-C Industrial 'A' Layout, Bannimantap, Mysore-570 015, Editor: M. Govinde Gowda Ph: 2496520 / 2496521 / 2496526 / 2496527 / 2496528. Fax: 0821-2496525. City Offices: Visweswaraya Building, III Floor, K.R. Circle, Mysore-570 001. Ph: 2431774 and No. 114, D. Devaraj Urs Road (Opposite Big Bus), Mysore-570 001. Ph: 2428695. RNI Reg. No. 36581 / 1980 E-mail address: mysoorumithra@gmail.com For advertisements: mysoorumithra@gmail.com
